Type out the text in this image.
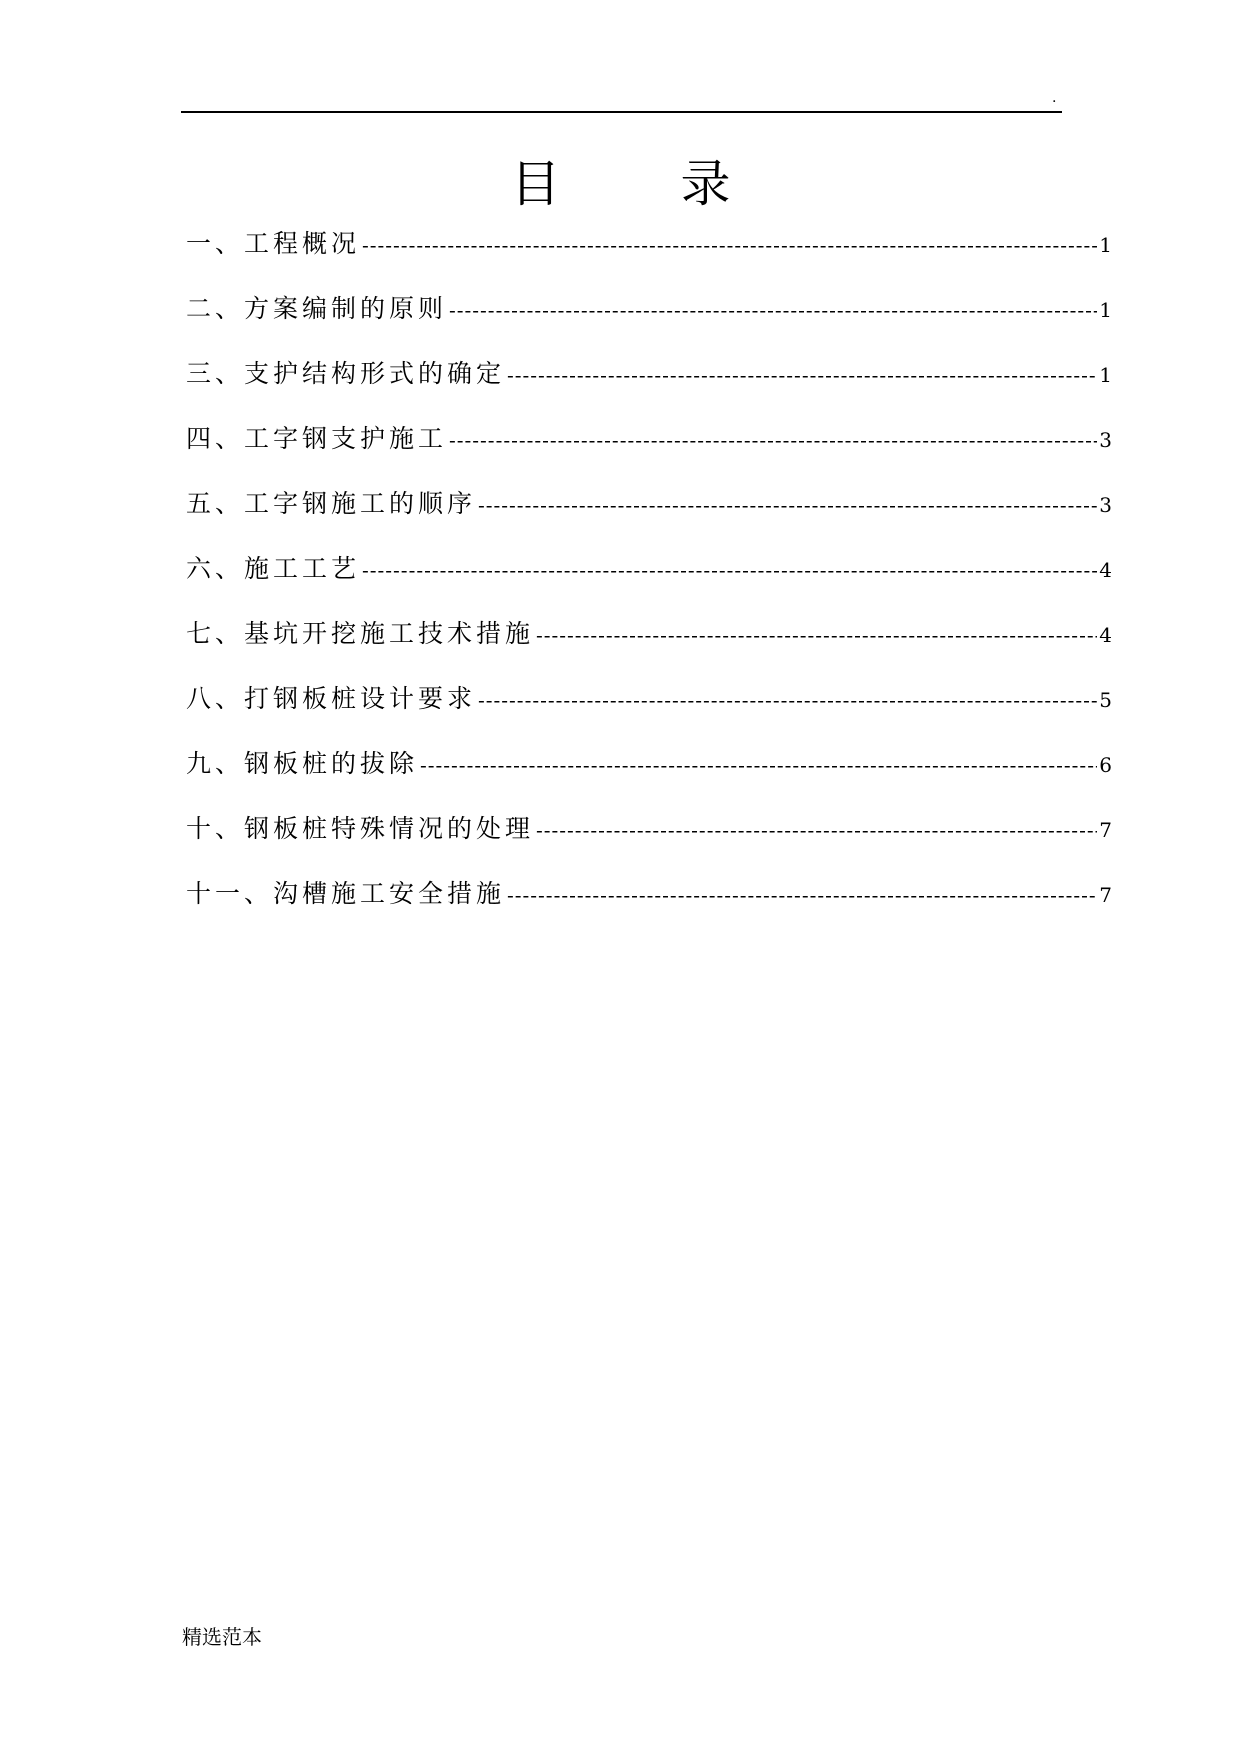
.
目录
一、工程概况 -----	1
二、方案编制的原则 -----	1
三、支护结构形式的确定 -----	1
四、工字钢支护施工 -----	3
五、工字钢施工的顺序 -----	3
六、施工工艺 -----	4
七、基坑开挖施工技术措施 -----	4
八、打钢板桩设计要求 -----	5
九、钢板桩的拔除 -----	6
十、钢板桩特殊情况的处理 -----	7
十一、沟槽施工安全措施 -----	7
精选范本
